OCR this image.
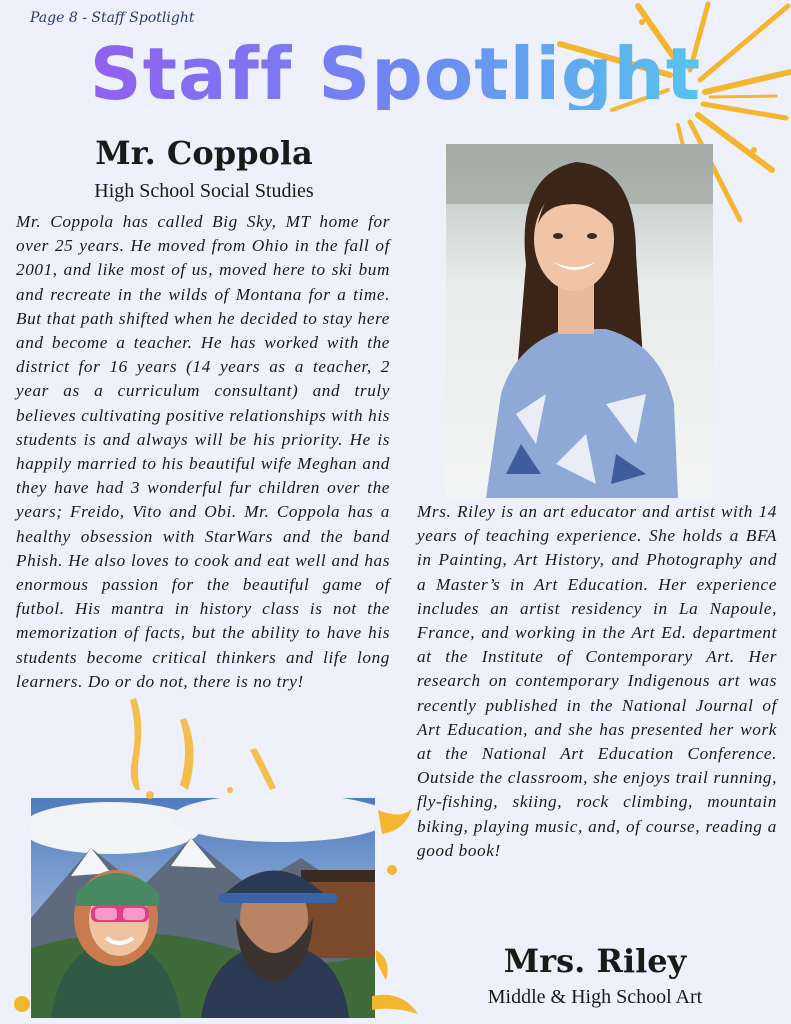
Page 8 - Staff Spotlight
Staff Spotlight
Mr. Coppola
High School Social Studies
Mr. Coppola has called Big Sky, MT home for over 25 years. He moved from Ohio in the fall of 2001, and like most of us, moved here to ski bum and recreate in the wilds of Montana for a time. But that path shifted when he decided to stay here and become a teacher. He has worked with the district for 16 years (14 years as a teacher, 2 year as a curriculum consultant) and truly believes cultivating positive relationships with his students is and always will be his priority. He is happily married to his beautiful wife Meghan and they have had 3 wonderful fur children over the years; Freido, Vito and Obi. Mr. Coppola has a healthy obsession with StarWars and the band Phish. He also loves to cook and eat well and has enormous passion for the beautiful game of futbol. His mantra in history class is not the memorization of facts, but the ability to have his students become critical thinkers and life long learners. Do or do not, there is no try!
Mrs. Riley is an art educator and artist with 14 years of teaching experience. She holds a BFA in Painting, Art History, and Photography and a Master’s in Art Education. Her experience includes an artist residency in La Napoule, France, and working in the Art Ed. department at the Institute of Contemporary Art. Her research on contemporary Indigenous art was recently published in the National Journal of Art Education, and she has presented her work at the National Art Education Conference. Outside the classroom, she enjoys trail running, fly-fishing, skiing, rock climbing, mountain biking, playing music, and, of course, reading a good book!
Mrs. Riley
Middle & High School Art
